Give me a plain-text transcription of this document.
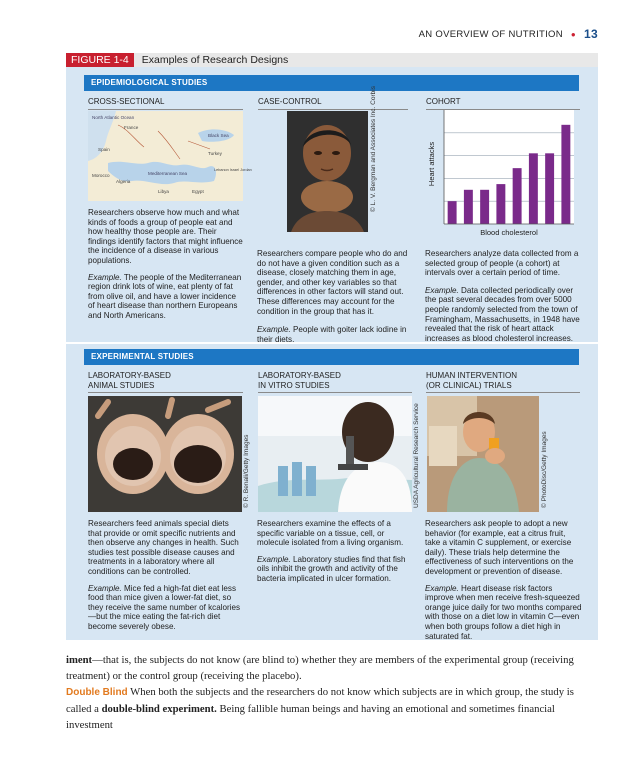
AN OVERVIEW OF NUTRITION ● 13
FIGURE 1-4	Examples of Research Designs
EPIDEMIOLOGICAL STUDIES
CROSS-SECTIONAL	CASE-CONTROL	COHORT
North Atlantic Ocean
France
Black Sea
Spain
Turkey
Mediterranean Sea
Morocco
Algeria
Libya	Egypt
Lebanon Israel Jordan	© L. V. Bergman and Associates Inc. Corbis	Heart attacks
Blood cholesterol

Researchers observe how much and what kinds of foods a group of people eat and how healthy those people are. Their findings identify factors that might influence the incidence of a disease in various populations.

Example. The people of the Mediterranean region drink lots of wine, eat plenty of fat from olive oil, and have a lower incidence of heart disease than northern Europeans and North Americans.

Researchers compare people who do and do not have a given condition such as a disease, closely matching them in age, gender, and other key variables so that differences in other factors will stand out. These differences may account for the condition in the group that has it.

Example. People with goiter lack iodine in their diets.

Researchers analyze data collected from a selected group of people (a cohort) at intervals over a certain period of time.

Example. Data collected periodically over the past several decades from over 5000 people randomly selected from the town of Framingham, Massachusetts, in 1948 have revealed that the risk of heart attack increases as blood cholesterol increases.

EXPERIMENTAL STUDIES
LABORATORY-BASED
ANIMAL STUDIES
LABORATORY-BASED
IN VITRO STUDIES
HUMAN INTERVENTION
(OR CLINICAL) TRIALS
© R. Benali/Getty Images	USDA Agricultural Research Service	© PhotoDisc/Getty Images

Researchers feed animals special diets that provide or omit specific nutrients and then observe any changes in health. Such studies test possible disease causes and treatments in a laboratory where all conditions can be controlled.

Example. Mice fed a high-fat diet eat less food than mice given a lower-fat diet, so they receive the same number of kcalories—but the mice eating the fat-rich diet become severely obese.

Researchers examine the effects of a specific variable on a tissue, cell, or molecule isolated from a living organism.

Example. Laboratory studies find that fish oils inhibit the growth and activity of the bacteria implicated in ulcer formation.

Researchers ask people to adopt a new behavior (for example, eat a citrus fruit, take a vitamin C supplement, or exercise daily). These trials help determine the effectiveness of such interventions on the development or prevention of disease.

Example. Heart disease risk factors improve when men receive fresh-squeezed orange juice daily for two months compared with those on a diet low in vitamin C—even when both groups follow a diet high in saturated fat.

iment—that is, the subjects do not know (are blind to) whether they are members of the experimental group (receiving treatment) or the control group (receiving the placebo).

Double Blind When both the subjects and the researchers do not know which subjects are in which group, the study is called a double-blind experiment. Being fallible human beings and having an emotional and sometimes financial investment
